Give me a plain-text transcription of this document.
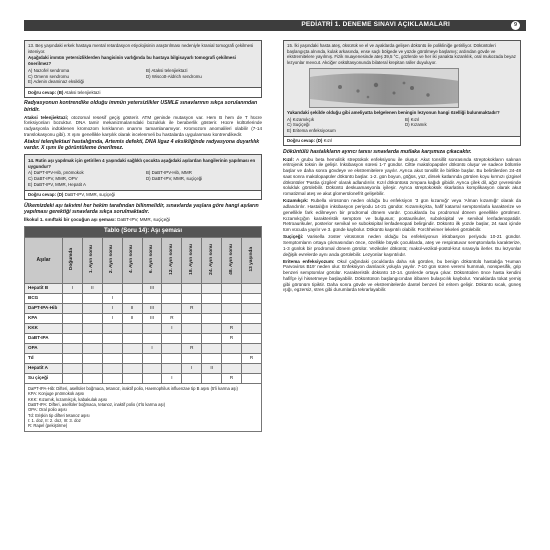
PEDİATRİ 1. DENEME SINAVI AÇIKLAMALARI	9
13. Beş yaşındaki erkek hastaya mental retardasyon etiyolojisinin araştırılması nedeniyle kranial tomografi çekilmesi isteniyor.
Aşağıdaki immün yetersizliklerden hangisinin varlığında bu hastaya bilgisayarlı tomografi çekilmesi önerilmez?
A) Nazofel sendroma	B) Ataksi telenjiektazi
C) Omenn sendromu	D) Wiscott-Aldrich sendromu
E) Adenin deaminaz eksikliği
Doğru cevap: (B) Ataksi telenjiektazi
Radyasyonun kontrendike olduğu immün yetersizlikler USMLE sınavlarının sıkça sorulanından biridir.

Ataksi telenjiektazi; otozomal resesif geçiş gösterir. ATM geninde mutasyon var. Hem B hem de T hücre fonksiyonları bozuktur. DNA tamir mekanizmalarındaki bozukluk ile beraberlik gösterir. Hücre kültürlerinde radyasyonla indüklenen kromozom kırıklarının onarımı tamamlanamıyor. Kromozom anomalileri olabilir (7-14 translokasyonu gibi). X ışını genellikle karşılık olarak incelenmeli bu hastalarda uygulanması kontrendikedir.

Ataksi telenjiektazi hastalığında, Artemis defekti, DNA ligaz 4 eksikliğinde radyasyona duyarlılık vardır. X ışını ile görüntüleme önerilmez.
14. Rutin aşı yapılmak için getirilen 4 yaşındaki sağlıklı çocukta aşağıdaki aşılardan hangilerinin yapılması en uygundur?
A) DaPT-IPV-Hib, pnömokok	B) DaBT-IPV-Hib, MMR
C) DaBT-IPV, MMR, OPV	D) DaBT-IPV, MMR, suçiçeği
E) DaBT-IPV, MMR, Hepatit A
Doğru cevap: (D) DaBT-IPV, MMR, suçiçeği
Ülkemizdeki aşı takvimi her hekim tarafından bilinmelidir, sınavlarda yaşlara göre hangi aşıların yapılması gerektiği sınavlarda sıkça sorulmaktadır.

İlkokul 1. sınıftaki bir çocuğun aşı şeması: DaBT-IPV, MMR, suçiçeği

Tablo (Soru 14): Aşı şeması										
Aşılar	Doğumda	1. Ayın sonu	2. Ayın sonu	4. Ayın sonu	6. Ayın sonu	12. Ayın sonu	18. Ayın sonu	24. Ayın sonu	48. Ayın sonu	13 yaşında
Hepatit B	I	II			III					
BCG			I							
DaPT-IPA-Hib			I	II	III		R			
KPA			I	II	III	R				
KKK						I			R	
DaBT-IPA									R	
OPA					I		R			
Td										R
Hepatit A							I	II		
Su çiçeği						I			R	
DaPT-IPA-Hib: Difteri, asellüler boğmaca, tetanoz, inaktif polio, Haemophilus influenzae tip B aşısı (5'li karma aşı)
KPA: Konjuge pnömokok aşısı
KKK: Kızamık, kızamıkçık, kabakulak aşısı
DaBT-IPA: Difteri, asellüler boğmaca, tetanoz, inaktif polio (4'lü karma aşı)
OPA: Oral polio aşısı
Td: Erişkin tip difteri tetanoz aşısı
I: 1. doz, II: 2. doz, III: 3. doz
R: Rapel (pekiştirme)
15. İki yaşındaki hasta ateş, öksürük ve el ve ayaklarda gelişen döküntü ile polikliniğe getiriliyor. Döküntüleri başlangıçta alnında, kulak arkasında, ense saçlı bölgede ve yüzde görülmeye başlamış; ardından gövde ve ekstremitelere yayılmış. Fizik muayenesinde ateş 39,5 °C, gözlerde ve her iki yanakta kızarıklık, oral mukozada beyaz lezyonlar mevcut. Akciğer oskültasyonunda bilateral krepitan raller duyuluyor.
Yukarıdaki şekilde olduğu gibi ameliyatta belgelenen beningin lezyonun hangi özelliği bulunmaktadır?
A) Kızamıkçık	B) Kızıl
C) Suçiçeği	D) Kızamık
E) Eritema enfeksiyosum
Doğru cevap: (D) Kızıl
Döküntülü hastalıkların ayırıcı tanısı sınavlarda mutlaka karşımıza çıkacaktır.

Kızıl: A grubu beta hemolitik streptokok enfeksiyonu ile oluşur. Akut tonsillit sonrasında streptokokların salınan eritrojenik toksin ile gelişir. İnkübasyon süresi 1-7 gündür. Ciltte makülopapüler döküntü oluşur ve sadece bölümle başlar ve daha sonra gövdeye ve ekstremitelere yayılır. Ayrıca akut tonsillit ile birlikte başlar. Bu belirtilerden 24-48 saat sonra makülopapüler döküntü başlar. 1-2. gün boyun, göğüs, yüz, dirsek katlarında görülen koyu kırmızı çizgisel döküntüler 'Pastia çizgileri' olarak adlandırılır. Kızıl döküntüsü zımpara kağıdı gibidir. Ayrıca çilek dil, ağız çevresinde solukluk görülebilir. Döküntü deskuamasyonla iyileşir. Ayrıca streptokoksik skarlatina komplikasyon olarak akut romatizmal ateş ve akut glomerülonefrit gelişebilir.

Kızamıkçık: Rubella virüsünün neden olduğu bu enfeksiyon '3 gün kızamığı' veya 'Alman kızamığı' olarak da adlandırılır. Hastalığın inkübasyon periyodu 14-21 gündür. Kızamıkçıkta, hafif katarral semptomlarla karakterize ve genellikle fark edilmeyen bir prodromal dönem vardır. Çocuklarda bu prodromal dönem genellikle görülmez. Kızamıkçığın karakteristik semptom ve bulgusun; postaurikuler, suboksipital ve servikal lenfadenopatidir. Retroaurikuler, posterior servikal ve suboksipital lenfadenopati belirgindir. Döküntü ilk yüzde başlar, 24 saat içinde tüm vücuda yayılır ve 3. günde kaybolur. Döküntü kaşıntılı olabilir. Forchheimer lekeleri görülebilir.

Suçiçeği: Varisella zoster virüsünün neden olduğu bu enfeksiyonun inkübasyon periyodu 10-21 gündür. Semptomların ortaya çıkmasından önce, özellikle büyük çocuklarda, ateş ve respiratuvar semptomlarla karakterize, 1-3 günlük bir prodromal dönem görülür. Veziküler döküntü; makül-vezikül-püstül-krut sırasıyla ilerler. Bu lezyonlar değişik evrelerde aynı anda görülebilir. Lezyonlar kaşıntılıdır.

Eritema enfeksiyozum: Okul çağındaki çocuklarda daha sık görülen, bu benign döküntülü hastalığa 'Human Parvovirüs B19' neden olur. Enfeksiyon damlacık yoluyla yayılır. 7-10 gün süren veremi hummalı, nonspesifik, grip benzeri semptomlar görülür. Karakteristik döküntü 10-14. günlerde ortaya çıkar. Döküntüden önce hasta kendini hafifçe iyi hissetmeye başlayabilir. Döküntünün başlangıcından itibaren bulaşıcılık kaybolur. Yanaklarda tokat yemiş gibi görünüm tipiktir. Daha sonra gövde ve ekstremitelerde dantel benzeri bir eritem gelişir. Döküntü sıcak, güneş ışığı, egzersiz, stres gibi durumlarda tekrarlayabilir.
